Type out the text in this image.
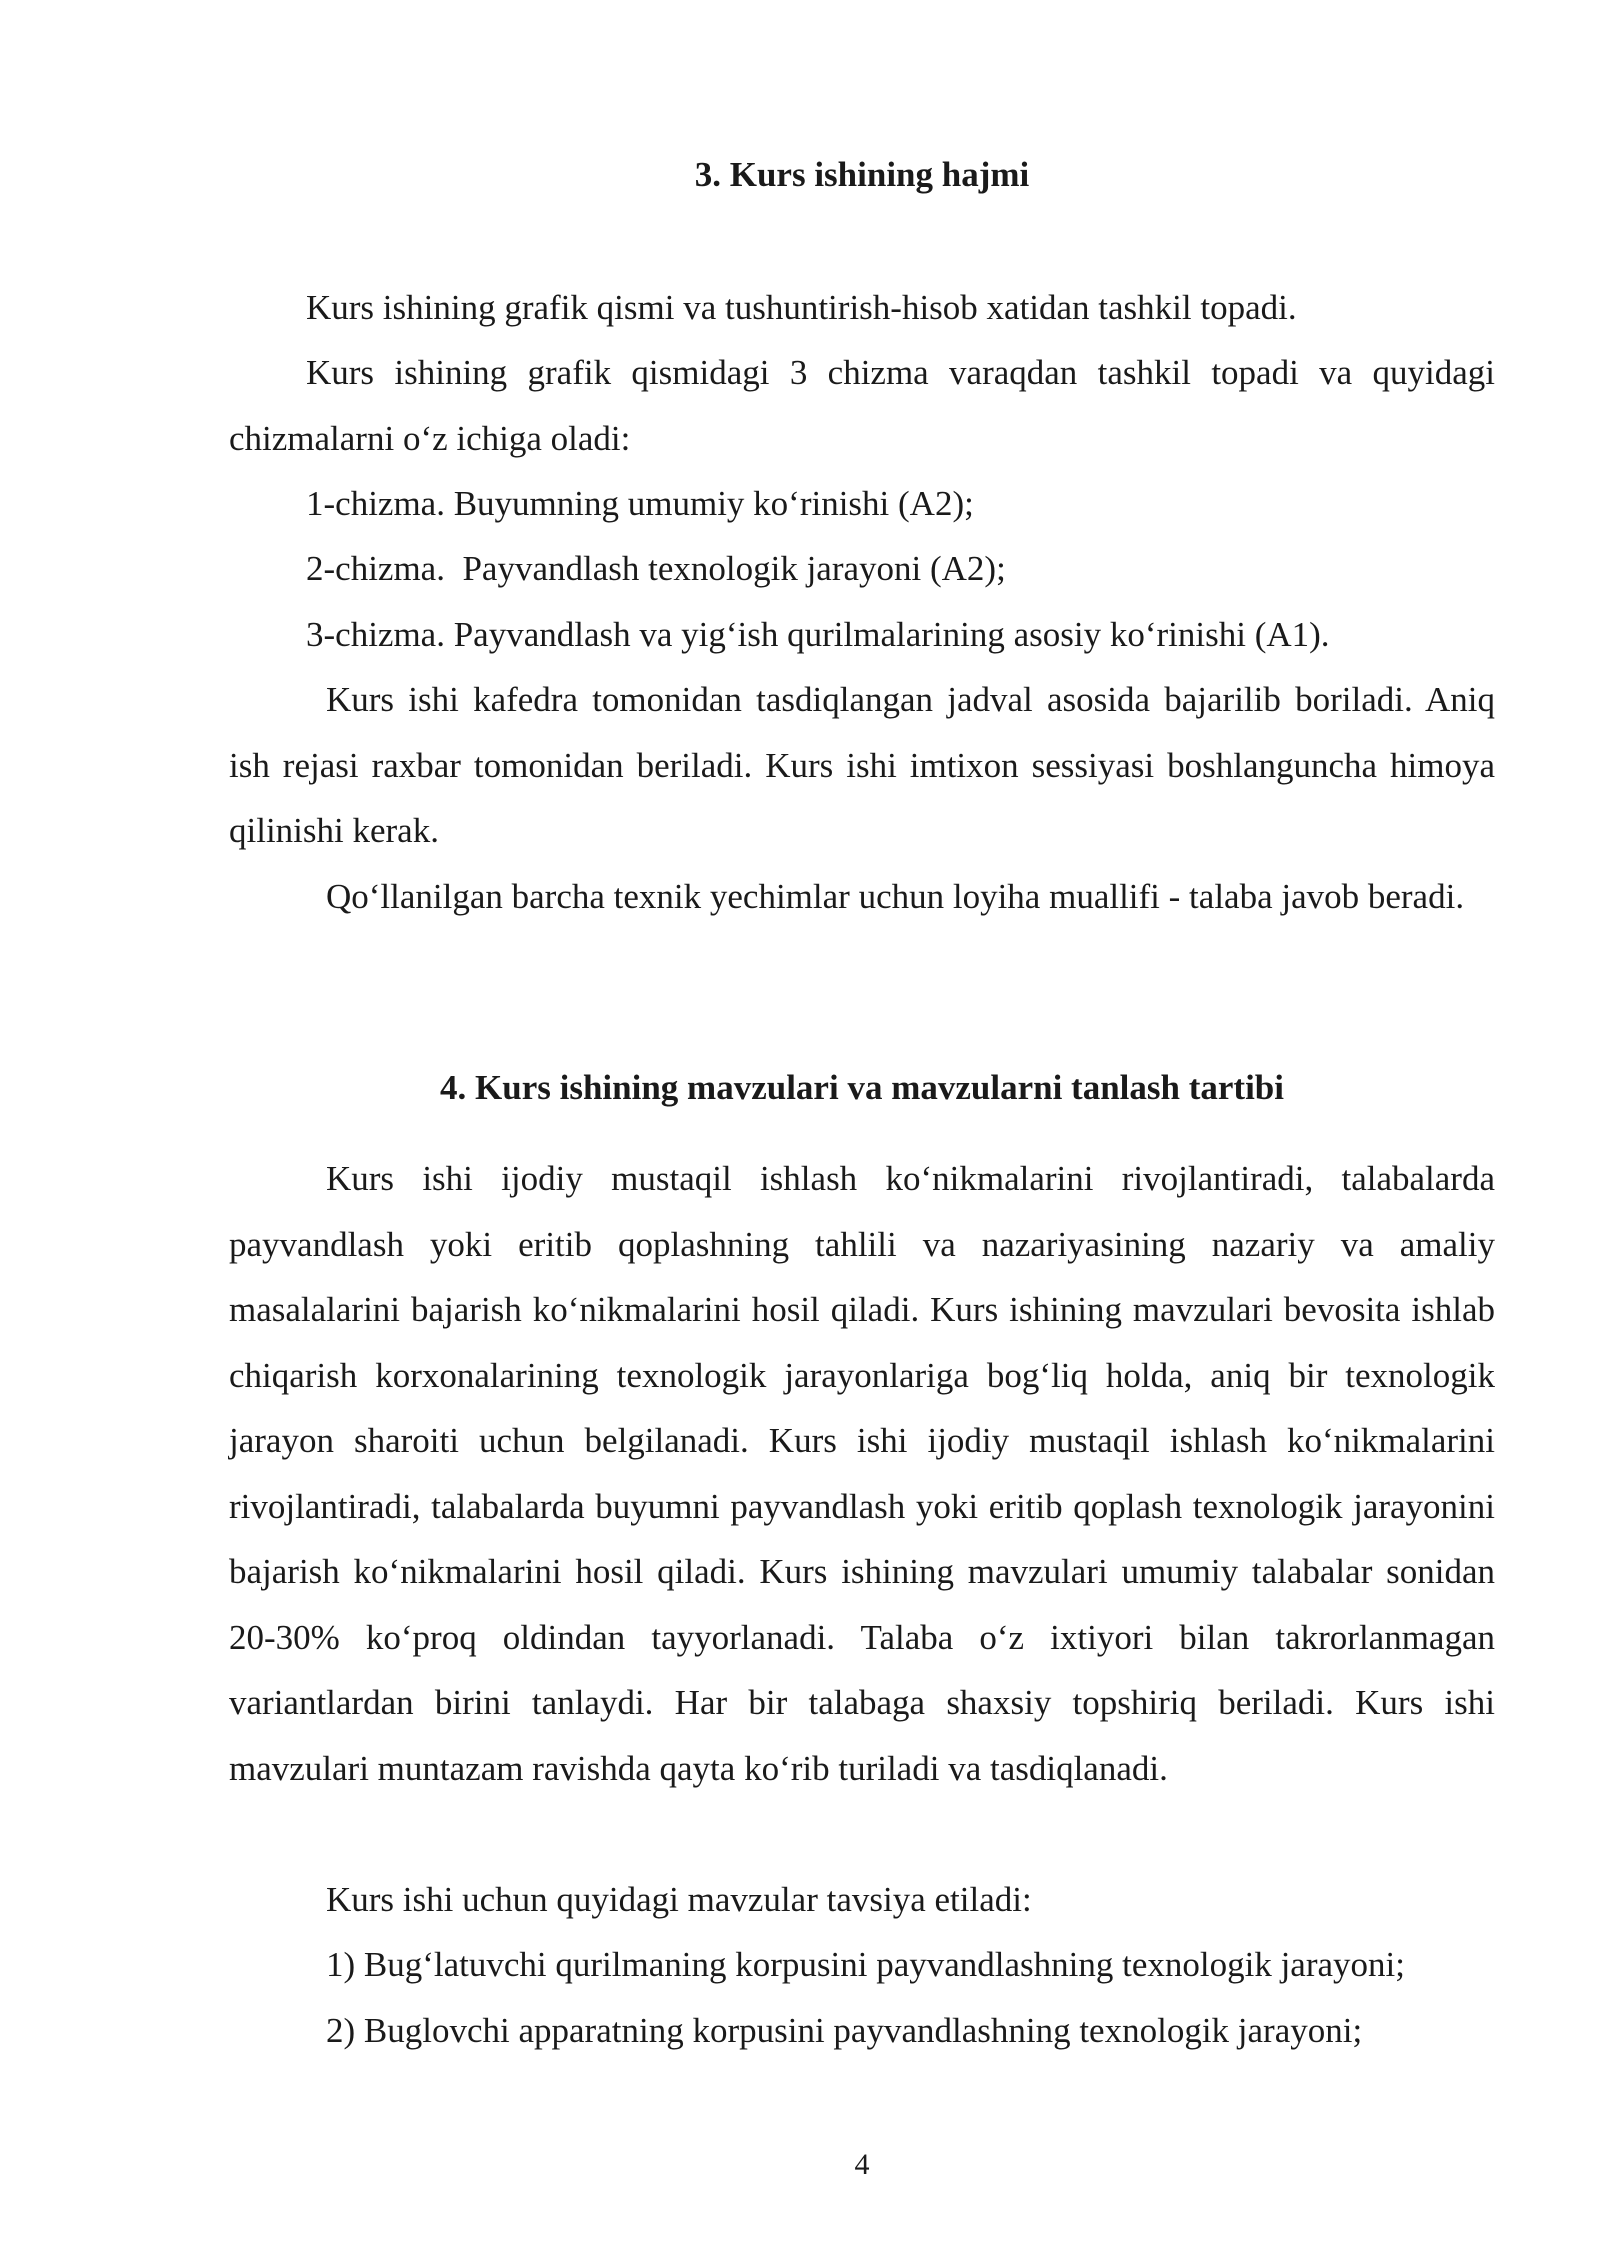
3. Kurs ishining hajmi
Kurs ishining grafik qismi va tushuntirish-hisob xatidan tashkil topadi.

Kurs ishining grafik qismidagi 3 chizma varaqdan tashkil topadi va quyidagi chizmalarni o‘z ichiga oladi:

1-chizma. Buyumning umumiy ko‘rinishi (A2);
2-chizma.  Payvandlash texnologik jarayoni (A2);
3-chizma. Payvandlash va yig‘ish qurilmalarining asosiy ko‘rinishi (A1).

Kurs ishi kafedra tomonidan tasdiqlangan jadval asosida bajarilib boriladi. Aniq ish rejasi raxbar tomonidan beriladi. Kurs ishi imtixon sessiyasi boshlanguncha himoya qilinishi kerak.

Qo‘llanilgan barcha texnik yechimlar uchun loyiha muallifi - talaba javob beradi.

4. Kurs ishining mavzulari va mavzularni tanlash tartibi

Kurs ishi ijodiy mustaqil ishlash ko‘nikmalarini rivojlantiradi, talabalarda payvandlash yoki eritib qoplashning tahlili va nazariyasining nazariy va amaliy masalalarini bajarish ko‘nikmalarini hosil qiladi. Kurs ishining mavzulari bevosita ishlab chiqarish korxonalarining texnologik jarayonlariga bog‘liq holda, aniq bir texnologik jarayon sharoiti uchun belgilanadi. Kurs ishi ijodiy mustaqil ishlash ko‘nikmalarini rivojlantiradi, talabalarda buyumni payvandlash yoki eritib qoplash texnologik jarayonini bajarish ko‘nikmalarini hosil qiladi. Kurs ishining mavzulari umumiy talabalar sonidan 20-30% ko‘proq oldindan tayyorlanadi. Talaba o‘z ixtiyori bilan takrorlanmagan variantlardan birini tanlaydi. Har bir talabaga shaxsiy topshiriq beriladi. Kurs ishi mavzulari muntazam ravishda qayta ko‘rib turiladi va tasdiqlanadi.

Kurs ishi uchun quyidagi mavzular tavsiya etiladi:
1) Bug‘latuvchi qurilmaning korpusini payvandlashning texnologik jarayoni;
2) Buglovchi apparatning korpusini payvandlashning texnologik jarayoni;
4
